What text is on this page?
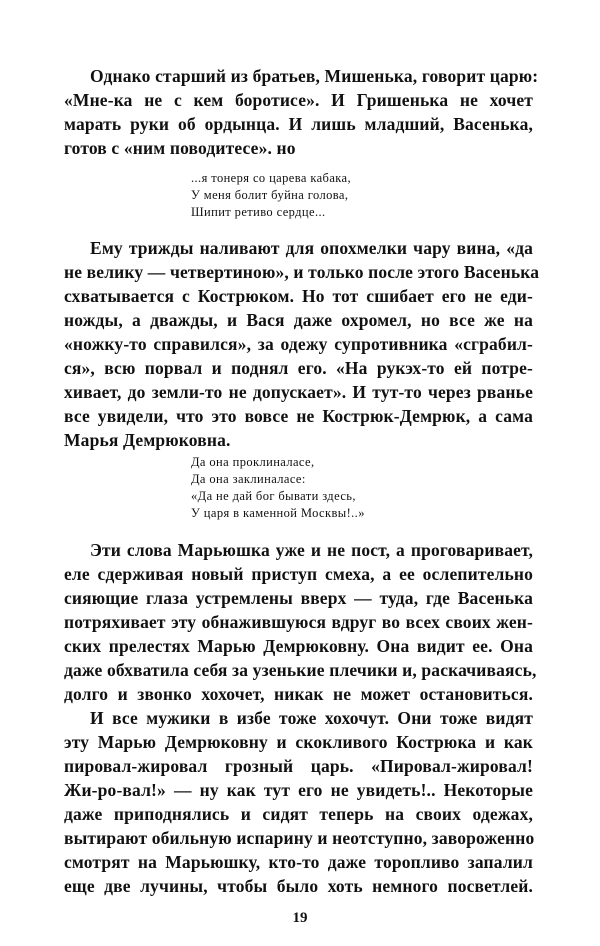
Однако старший из братьев, Мишенька, говорит царю:
«Мне-ка не с кем боротисе». И Гришенька не хочет
марать руки об ордынца. И лишь младший, Васенька,
готов с «ним поводитесе». но
...я тонеря со царева кабака,
У меня болит буйна голова,
Шипит ретиво сердце...
Ему трижды наливают для опохмелки чару вина, «да
не велику — четвертиною», и только после этого Васенька
схватывается с Кострюком. Но тот сшибает его не еди-
ножды, а дважды, и Вася даже охромел, но все же на
«ножку-то справился», за одежу супротивника «сграбил-
ся», всю порвал и поднял его. «На рукэх-то ей потре-
хивает, до земли-то не допускает». И тут-то через рванье
все увидели, что это вовсе не Кострюк-Демрюк, а сама
Марья Демрюковна.
Да она проклиналасе,
Да она заклиналасе:
«Да не дай бог бывати здесь,
У царя в каменной Москвы!..»
Эти слова Марьюшка уже и не пост, а проговаривает,
еле сдерживая новый приступ смеха, а ее ослепительно
сияющие глаза устремлены вверх — туда, где Васенька
потряхивает эту обнажившуюся вдруг во всех своих жен-
ских прелестях Марью Демрюковну. Она видит ее. Она
даже обхватила себя за узенькие плечики и, раскачиваясь,
долго и звонко хохочет, никак не может остановиться.
И все мужики в избе тоже хохочут. Они тоже видят
эту Марью Демрюковну и скокливого Кострюка и как
пировал-жировал грозный царь. «Пировал-жировал!
Жи-ро-вал!» — ну как тут его не увидеть!.. Некоторые
даже приподнялись и сидят теперь на своих одежах,
вытирают обильную испарину и неотступно, завороженно
смотрят на Марьюшку, кто-то даже торопливо запалил
еще две лучины, чтобы было хоть немного посветлей.
19
